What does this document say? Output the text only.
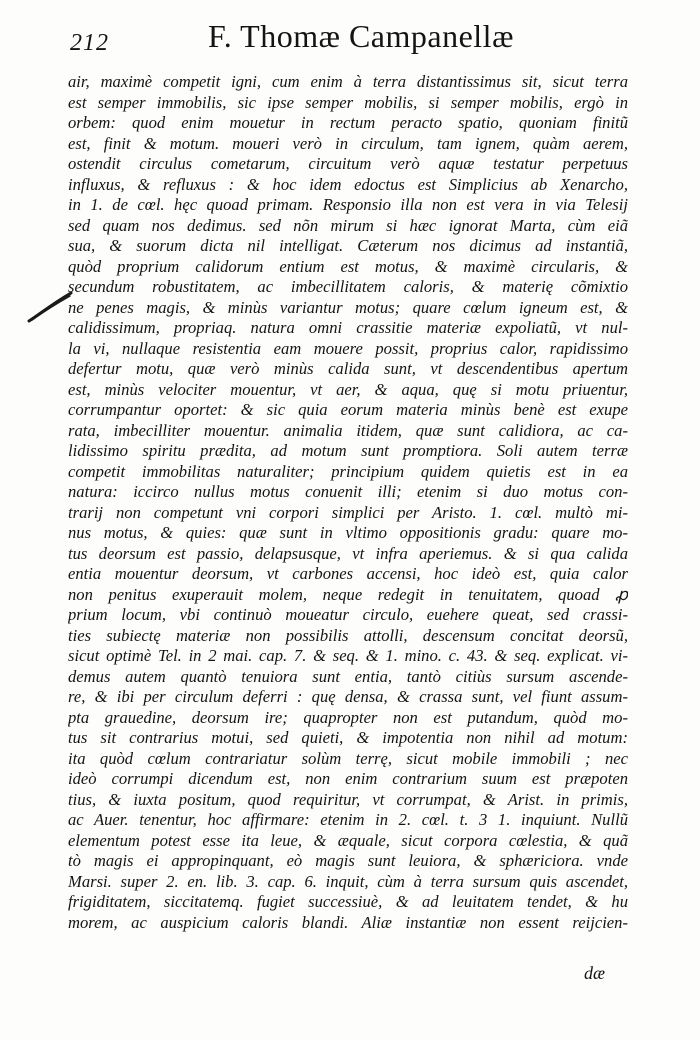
212	F. Thomæ Campanellæ
air, maximè competit igni, cum enim à terra distantissimus sit, sicut terra
est semper immobilis, sic ipse semper mobilis, si semper mobilis, ergò in
orbem: quod enim mouetur in rectum peracto spatio, quoniam finitũ
est, finit & motum. moueri verò in circulum, tam ignem, quàm aerem,
ostendit circulus cometarum, circuitum verò aquæ testatur perpetuus
influxus, & refluxus : & hoc idem edoctus est Simplicius ab Xenarcho,
in 1. de cœl. hęc quoad primam. Responsio illa non est vera in via Telesij
sed quam nos dedimus. sed nõn mirum si hæc ignorat Marta, cùm eiã
sua, & suorum dicta nil intelligat. Cæterum nos dicimus ad instantiã,
quòd proprium calidorum entium est motus, & maximè circularis, &
secundum robustitatem, ac imbecillitatem caloris, & materię cõmixtio
ne penes magis, & minùs variantur motus; quare cœlum igneum est, &
calidissimum, propriaq. natura omni crassitie materiæ expoliatũ, vt nul-
la vi, nullaque resistentia eam mouere possit, proprius calor, rapidissimo
defertur motu, quæ verò minùs calida sunt, vt descendentibus apertum
est, minùs velociter mouentur, vt aer, & aqua, quę si motu priuentur,
corrumpantur oportet: & sic quia eorum materia minùs benè est exupe
rata, imbecilliter mouentur. animalia itidem, quæ sunt calidiora, ac ca-
lidissimo spiritu prædita, ad motum sunt promptiora. Soli autem terræ
competit immobilitas naturaliter; principium quidem quietis est in ea
natura: iccirco nullus motus conuenit illi; etenim si duo motus con-
trarij non competunt vni corpori simplici per Aristo. 1. cœl. multò mi-
nus motus, & quies: quæ sunt in vltimo oppositionis gradu: quare mo-
tus deorsum est passio, delapsusque, vt infra aperiemus. & si qua calida
entia mouentur deorsum, vt carbones accensi, hoc ideò est, quia calor
non penitus exuperauit molem, neque redegit in tenuitatem, quoad ꝓ
prium locum, vbi continuò moueatur circulo, euehere queat, sed crassi-
ties subiectę materiæ non possibilis attolli, descensum concitat deorsũ,
sicut optimè Tel. in 2 mai. cap. 7. & seq. & 1. mino. c. 43. & seq. explicat. vi-
demus autem quantò tenuiora sunt entia, tantò citiùs sursum ascende-
re, & ibi per circulum deferri : quę densa, & crassa sunt, vel fiunt assum-
pta grauedine, deorsum ire; quapropter non est putandum, quòd mo-
tus sit contrarius motui, sed quieti, & impotentia non nihil ad motum:
ita quòd cœlum contrariatur solùm terrę, sicut mobile immobili ; nec
ideò corrumpi dicendum est, non enim contrarium suum est præpoten
tius, & iuxta positum, quod requiritur, vt corrumpat, & Arist. in primis,
ac Auer. tenentur, hoc affirmare: etenim in 2. cœl. t. 3 1. inquiunt. Nullũ
elementum potest esse ita leue, & æquale, sicut corpora cœlestia, & quã
tò magis ei appropinquant, eò magis sunt leuiora, & sphæriciora. vnde
Marsi. super 2. en. lib. 3. cap. 6. inquit, cùm à terra sursum quis ascendet,
frigiditatem, siccitatemq. fugiet successiuè, & ad leuitatem tendet, & hu
morem, ac auspicium caloris blandi. Aliæ instantiæ non essent reijcien-
dæ
